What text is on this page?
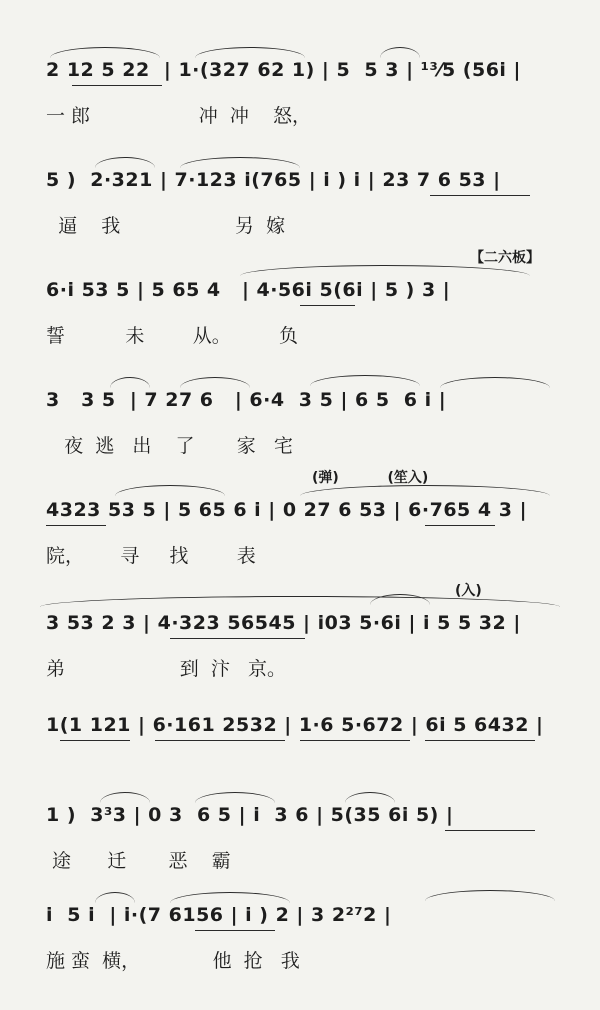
2 12 5 22  | 1·(327 62 1) | 5  5 3 | ¹³⁄5 (56i |
一 郎                  冲  冲    怒，
5 )  2·321 | 7·123 i(765 | i ) i | 23 7 6 53 |
逼    我                   另  嫁
【二六板】
6·i 53 5 | 5 65 4   | 4·56i 5(6i | 5 ) 3 |
誓          未        从。        负
3   3 5  | 7 27 6   | 6·4  3 5 | 6 5  6 i |
夜  逃   出    了       家   宅
(弹)          (笙入)
4323 53 5 | 5 65 6 i | 0 27 6 53 | 6·765 4 3 |
院，      寻     找        表
(入)
3 53 2 3 | 4·323 56545 | i03 5·6i | i 5 5 32 |
弟                   到  汴   京。
1(1 121 | 6·161 2532 | 1·6 5·672 | 6i 5 6432 |
1 )  3³3 | 0 3  6 5 | i  3 6 | 5(35 6i 5) |
途      迁       恶    霸
i  5 i  | i·(7 6156 | i ) 2 | 3 2²⁷2 |
施 蛮  横，            他  抢   我
